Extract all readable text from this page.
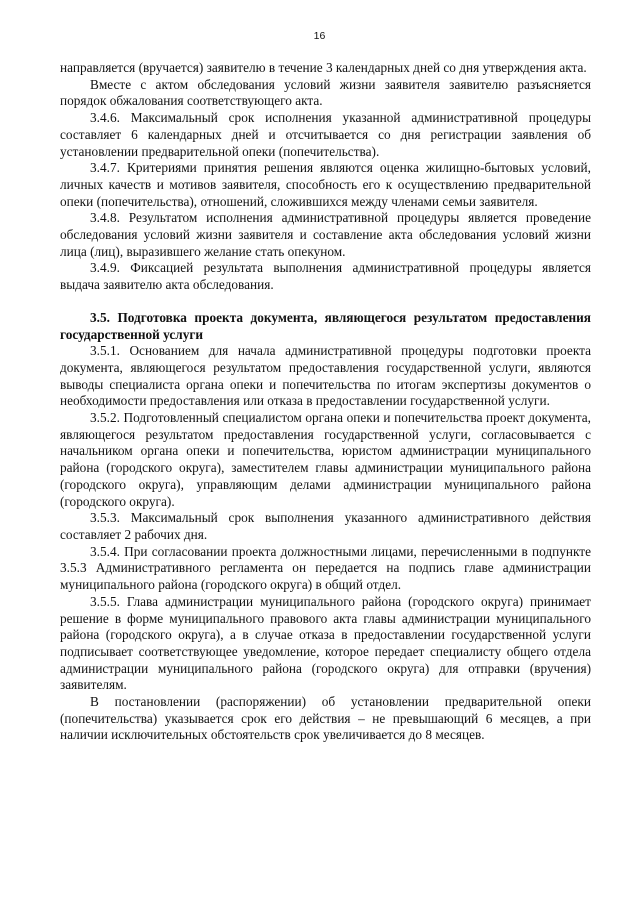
16

направляется (вручается) заявителю в течение 3 календарных дней со дня утверждения акта.

Вместе с актом обследования условий жизни заявителя заявителю разъясняется порядок обжалования соответствующего акта.

3.4.6. Максимальный срок исполнения указанной административной процедуры составляет 6 календарных дней и отсчитывается со дня регистрации заявления об установлении предварительной опеки (попечительства).

3.4.7. Критериями принятия решения являются оценка жилищно-бытовых условий, личных качеств и мотивов заявителя, способность его к осуществлению предварительной опеки (попечительства), отношений, сложившихся между членами семьи заявителя.

3.4.8. Результатом исполнения административной процедуры является проведение обследования условий жизни заявителя и составление акта обследования условий жизни лица (лиц), выразившего желание стать опекуном.

3.4.9. Фиксацией результата выполнения административной процедуры является выдача заявителю акта обследования.

3.5. Подготовка проекта документа, являющегося результатом предоставления государственной услуги

3.5.1. Основанием для начала административной процедуры подготовки проекта документа, являющегося результатом предоставления государственной услуги, являются выводы специалиста органа опеки и попечительства по итогам экспертизы документов о необходимости предоставления или отказа в предоставлении государственной услуги.

3.5.2. Подготовленный специалистом органа опеки и попечительства проект документа, являющегося результатом предоставления государственной услуги, согласовывается с начальником органа опеки и попечительства, юристом администрации муниципального района (городского округа), заместителем главы администрации муниципального района (городского округа), управляющим делами администрации муниципального района (городского округа).

3.5.3. Максимальный срок выполнения указанного административного действия составляет 2 рабочих дня.

3.5.4. При согласовании проекта должностными лицами, перечисленными в подпункте 3.5.3 Административного регламента он передается на подпись главе администрации муниципального района (городского округа) в общий отдел.

3.5.5. Глава администрации муниципального района (городского округа) принимает решение в форме муниципального правового акта главы администрации муниципального района (городского округа), а в случае отказа в предоставлении государственной услуги подписывает соответствующее уведомление, которое передает специалисту общего отдела администрации муниципального района (городского округа) для отправки (вручения) заявителям.

В постановлении (распоряжении) об установлении предварительной опеки (попечительства) указывается срок его действия – не превышающий 6 месяцев, а при наличии исключительных обстоятельств срок увеличивается до 8 месяцев.
